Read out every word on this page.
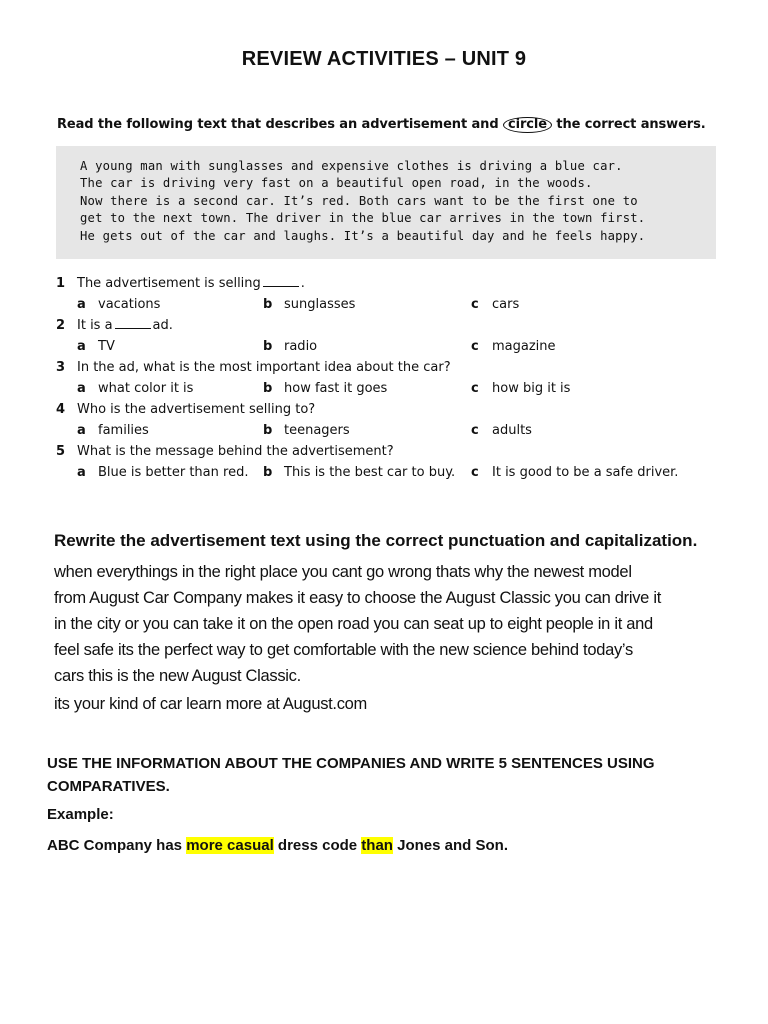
REVIEW ACTIVITIES – UNIT 9
Read the following text that describes an advertisement and circle the correct answers.
A young man with sunglasses and expensive clothes is driving a blue car.
The car is driving very fast on a beautiful open road, in the woods.
Now there is a second car. It’s red. Both cars want to be the first one to
get to the next town. The driver in the blue car arrives in the town first.
He gets out of the car and laughs. It’s a beautiful day and he feels happy.
1 The advertisement is selling	.
a vacations	b sunglasses	c cars
2 It is a	ad.
a TV	b radio	c magazine
3 In the ad, what is the most important idea about the car?
a what color it is	b how fast it goes	c how big it is
4 Who is the advertisement selling to?
a families	b teenagers	c adults
5 What is the message behind the advertisement?
a Blue is better than red. b This is the best car to buy. c It is good to be a safe driver.
Rewrite the advertisement text using the correct punctuation and capitalization.
when everythings in the right place you cant go wrong thats why the newest model
from August Car Company makes it easy to choose the August Classic you can drive it
in the city or you can take it on the open road you can seat up to eight people in it and
feel safe its the perfect way to get comfortable with the new science behind today’s
cars this is the new August Classic.
its your kind of car learn more at August.com
USE THE INFORMATION ABOUT THE COMPANIES AND WRITE 5 SENTENCES USING COMPARATIVES.
Example:
ABC Company has more casual dress code than Jones and Son.
